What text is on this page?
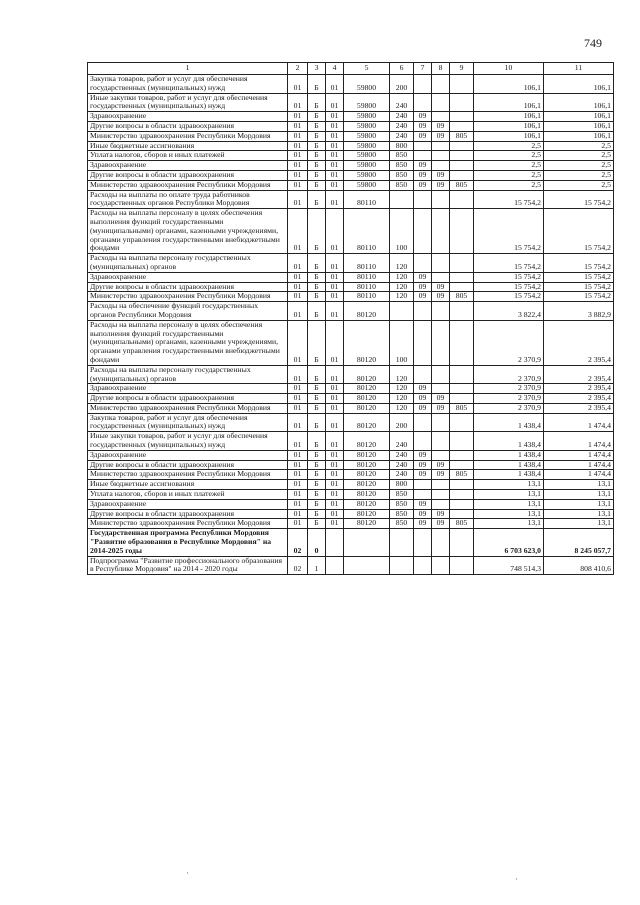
749
1	2	3	4	5	6	7	8	9	10	11
Закупка товаров, работ и услуг для обеспечения государственных (муниципальных) нужд	01	Б	01	59800	200				106,1	106,1
Иные закупки товаров, работ и услуг для обеспечения государственных (муниципальных) нужд	01	Б	01	59800	240				106,1	106,1
Здравоохранение	01	Б	01	59800	240	09			106,1	106,1
Другие вопросы в области здравоохранения	01	Б	01	59800	240	09	09		106,1	106,1
Министерство здравоохранения Республики Мордовия	01	Б	01	59800	240	09	09	805	106,1	106,1
Иные бюджетные ассигнования	01	Б	01	59800	800				2,5	2,5
Уплата налогов, сборов и иных платежей	01	Б	01	59800	850				2,5	2,5
Здравоохранение	01	Б	01	59800	850	09			2,5	2,5
Другие вопросы в области здравоохранения	01	Б	01	59800	850	09	09		2,5	2,5
Министерство здравоохранения Республики Мордовия	01	Б	01	59800	850	09	09	805	2,5	2,5
Расходы на выплаты по оплате труда работников государственных органов Республики Мордовия	01	Б	01	80110					15 754,2	15 754,2
Расходы на выплаты персоналу в целях обеспечения выполнения функций государственными (муниципальными) органами, казенными учреждениями, органами управления государственными внебюджетными фондами	01	Б	01	80110	100				15 754,2	15 754,2
Расходы на выплаты персоналу государственных (муниципальных) органов	01	Б	01	80110	120				15 754,2	15 754,2
Здравоохранение	01	Б	01	80110	120	09			15 754,2	15 754,2
Другие вопросы в области здравоохранения	01	Б	01	80110	120	09	09		15 754,2	15 754,2
Министерство здравоохранения Республики Мордовия	01	Б	01	80110	120	09	09	805	15 754,2	15 754,2
Расходы на обеспечение функций государственных органов Республики Мордовия	01	Б	01	80120					3 822,4	3 882,9
Расходы на выплаты персоналу в целях обеспечения выполнения функций государственными (муниципальными) органами, казенными учреждениями, органами управления государственными внебюджетными фондами	01	Б	01	80120	100				2 370,9	2 395,4
Расходы на выплаты персоналу государственных (муниципальных) органов	01	Б	01	80120	120				2 370,9	2 395,4
Здравоохранение	01	Б	01	80120	120	09			2 370,9	2 395,4
Другие вопросы в области здравоохранения	01	Б	01	80120	120	09	09		2 370,9	2 395,4
Министерство здравоохранения Республики Мордовия	01	Б	01	80120	120	09	09	805	2 370,9	2 395,4
Закупка товаров, работ и услуг для обеспечения государственных (муниципальных) нужд	01	Б	01	80120	200				1 438,4	1 474,4
Иные закупки товаров, работ и услуг для обеспечения государственных (муниципальных) нужд	01	Б	01	80120	240				1 438,4	1 474,4
Здравоохранение	01	Б	01	80120	240	09			1 438,4	1 474,4
Другие вопросы в области здравоохранения	01	Б	01	80120	240	09	09		1 438,4	1 474,4
Министерство здравоохранения Республики Мордовия	01	Б	01	80120	240	09	09	805	1 438,4	1 474,4
Иные бюджетные ассигнования	01	Б	01	80120	800				13,1	13,1
Уплата налогов, сборов и иных платежей	01	Б	01	80120	850				13,1	13,1
Здравоохранение	01	Б	01	80120	850	09			13,1	13,1
Другие вопросы в области здравоохранения	01	Б	01	80120	850	09	09		13,1	13,1
Министерство здравоохранения Республики Мордовия	01	Б	01	80120	850	09	09	805	13,1	13,1
Государственная программа Республики Мордовия "Развитие образования в Республике Мордовия" на 2014-2025 годы	02	0							6 703 623,0	8 245 057,7
Подпрограмма "Развитие профессионального образования в Республике Мордовия" на 2014 - 2020 годы	02	1							748 514,3	808 410,6
·
·
